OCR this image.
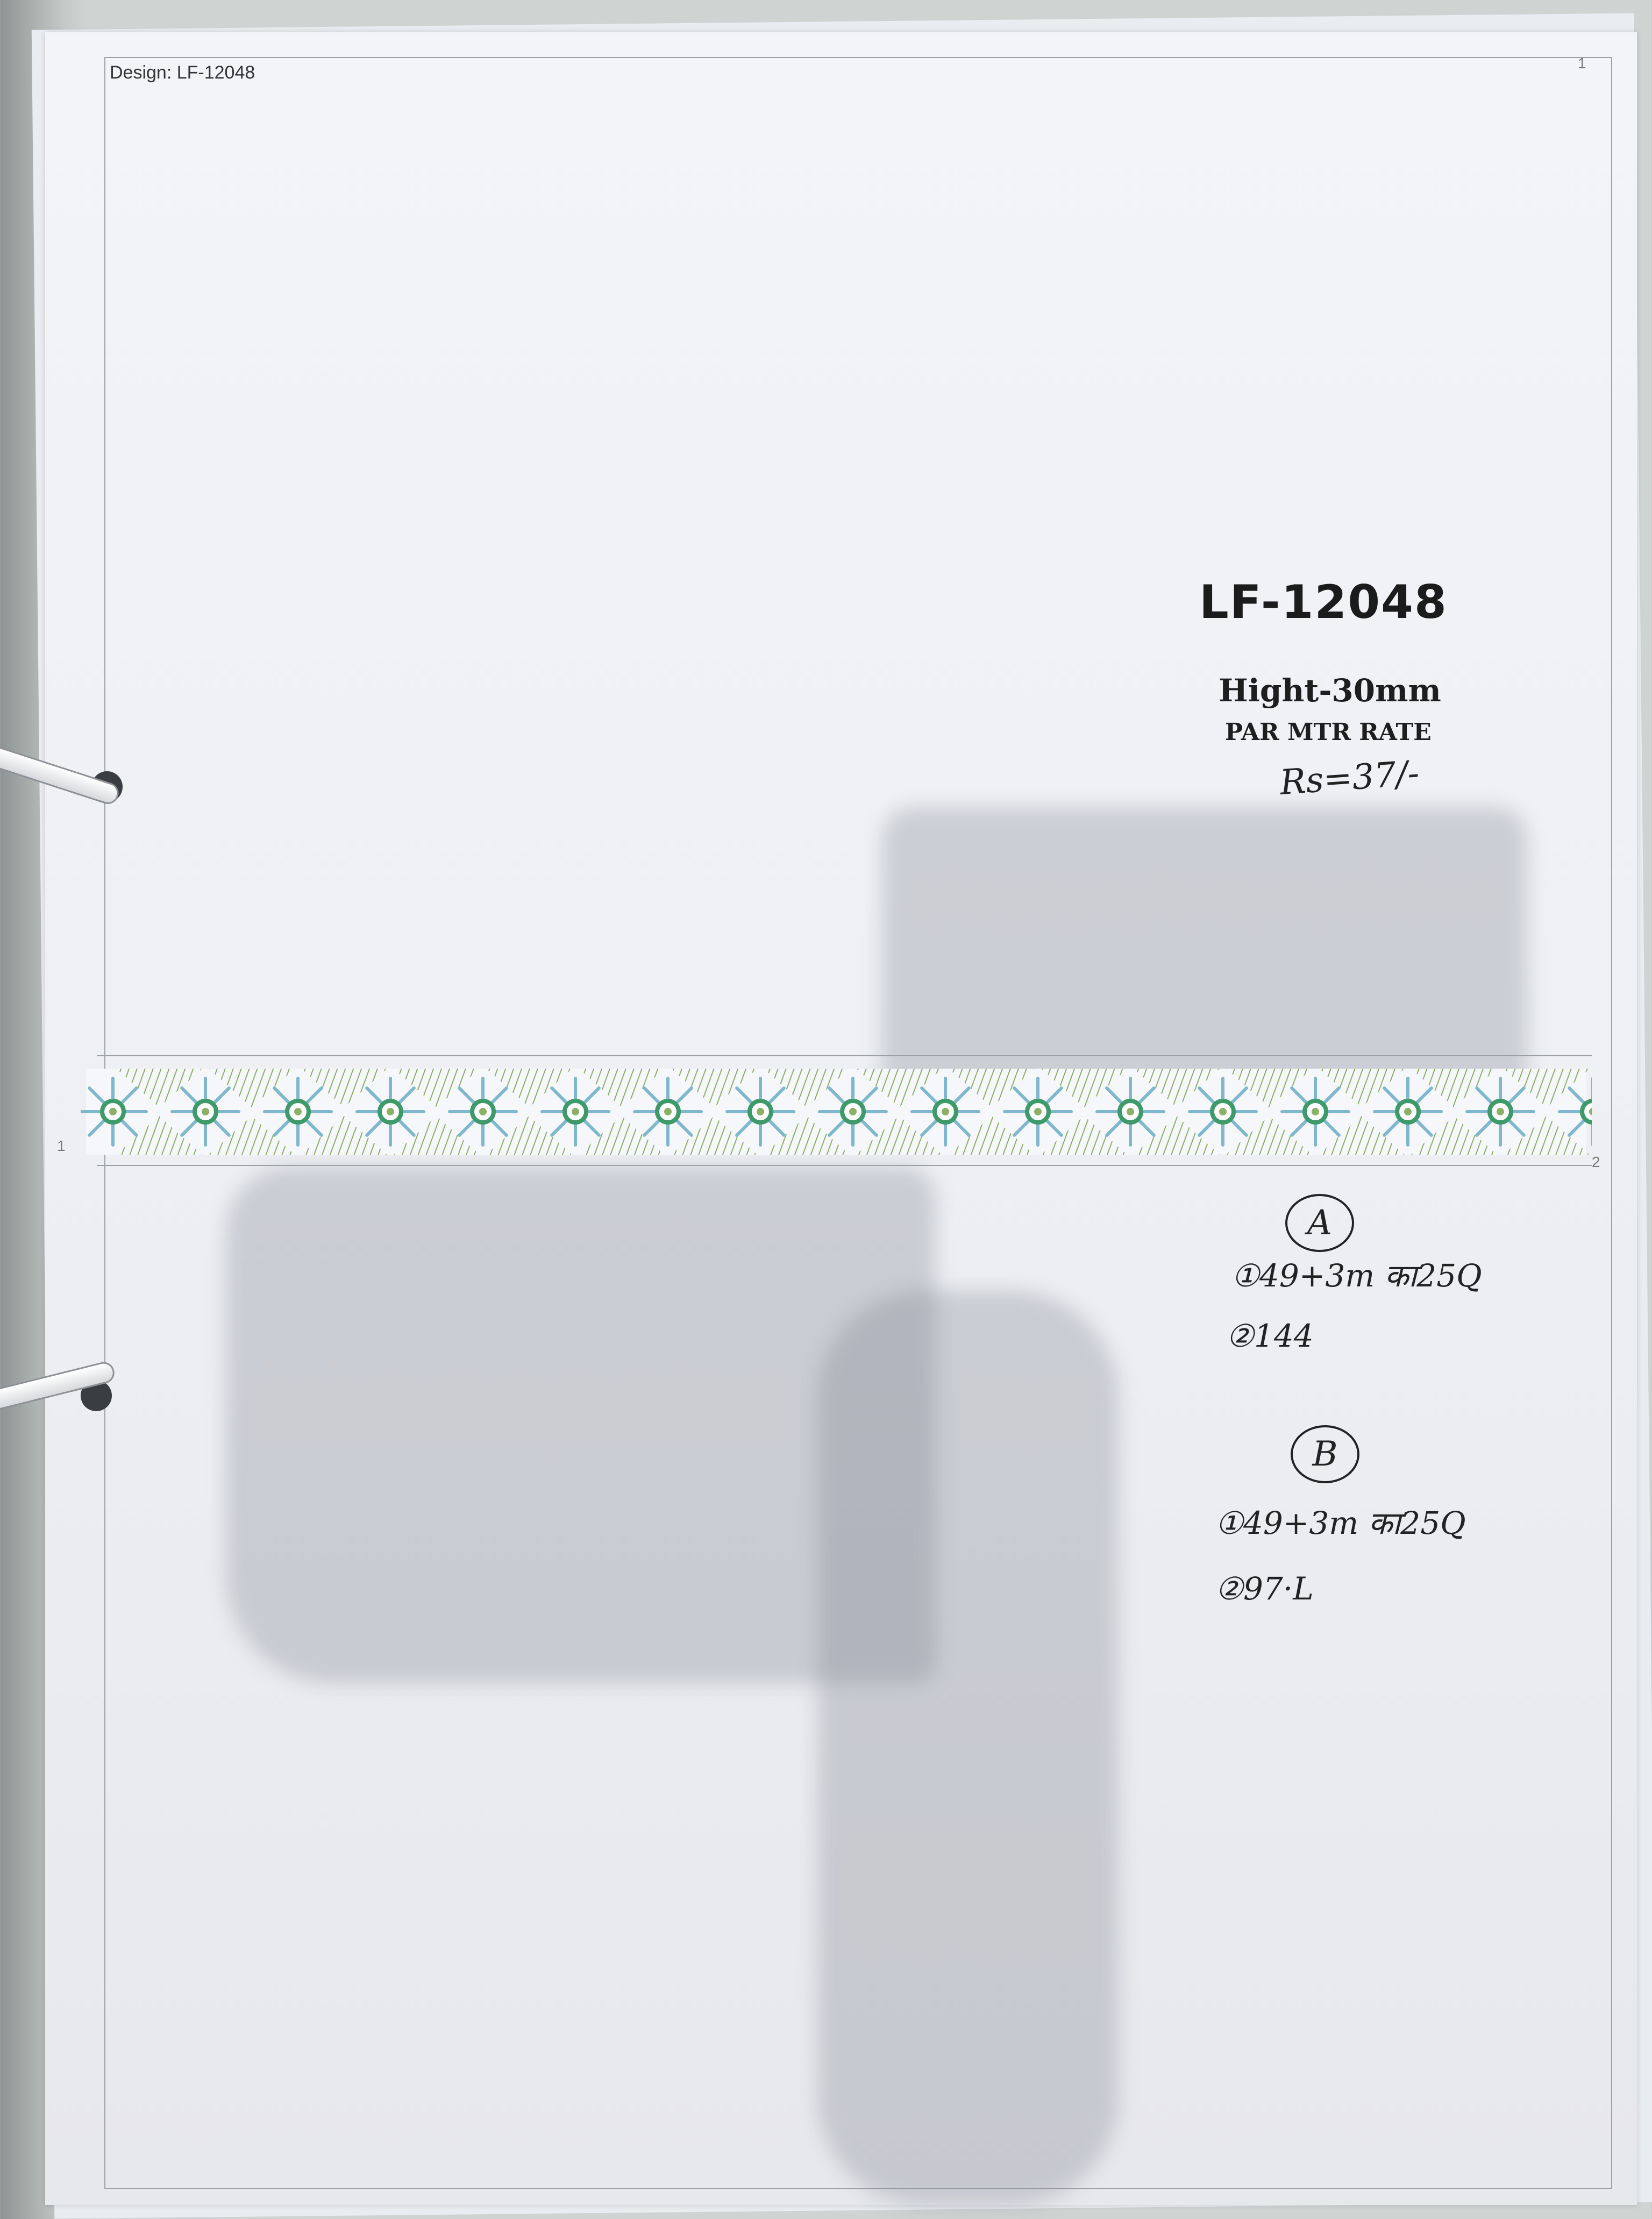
Design: LF-12048	1
LF-12048
Hight-30mm
PAR MTR RATE
Rs=37/-
1
2
A
①49+3m का25Q
②144
B
①49+3m का25Q
②97·L
